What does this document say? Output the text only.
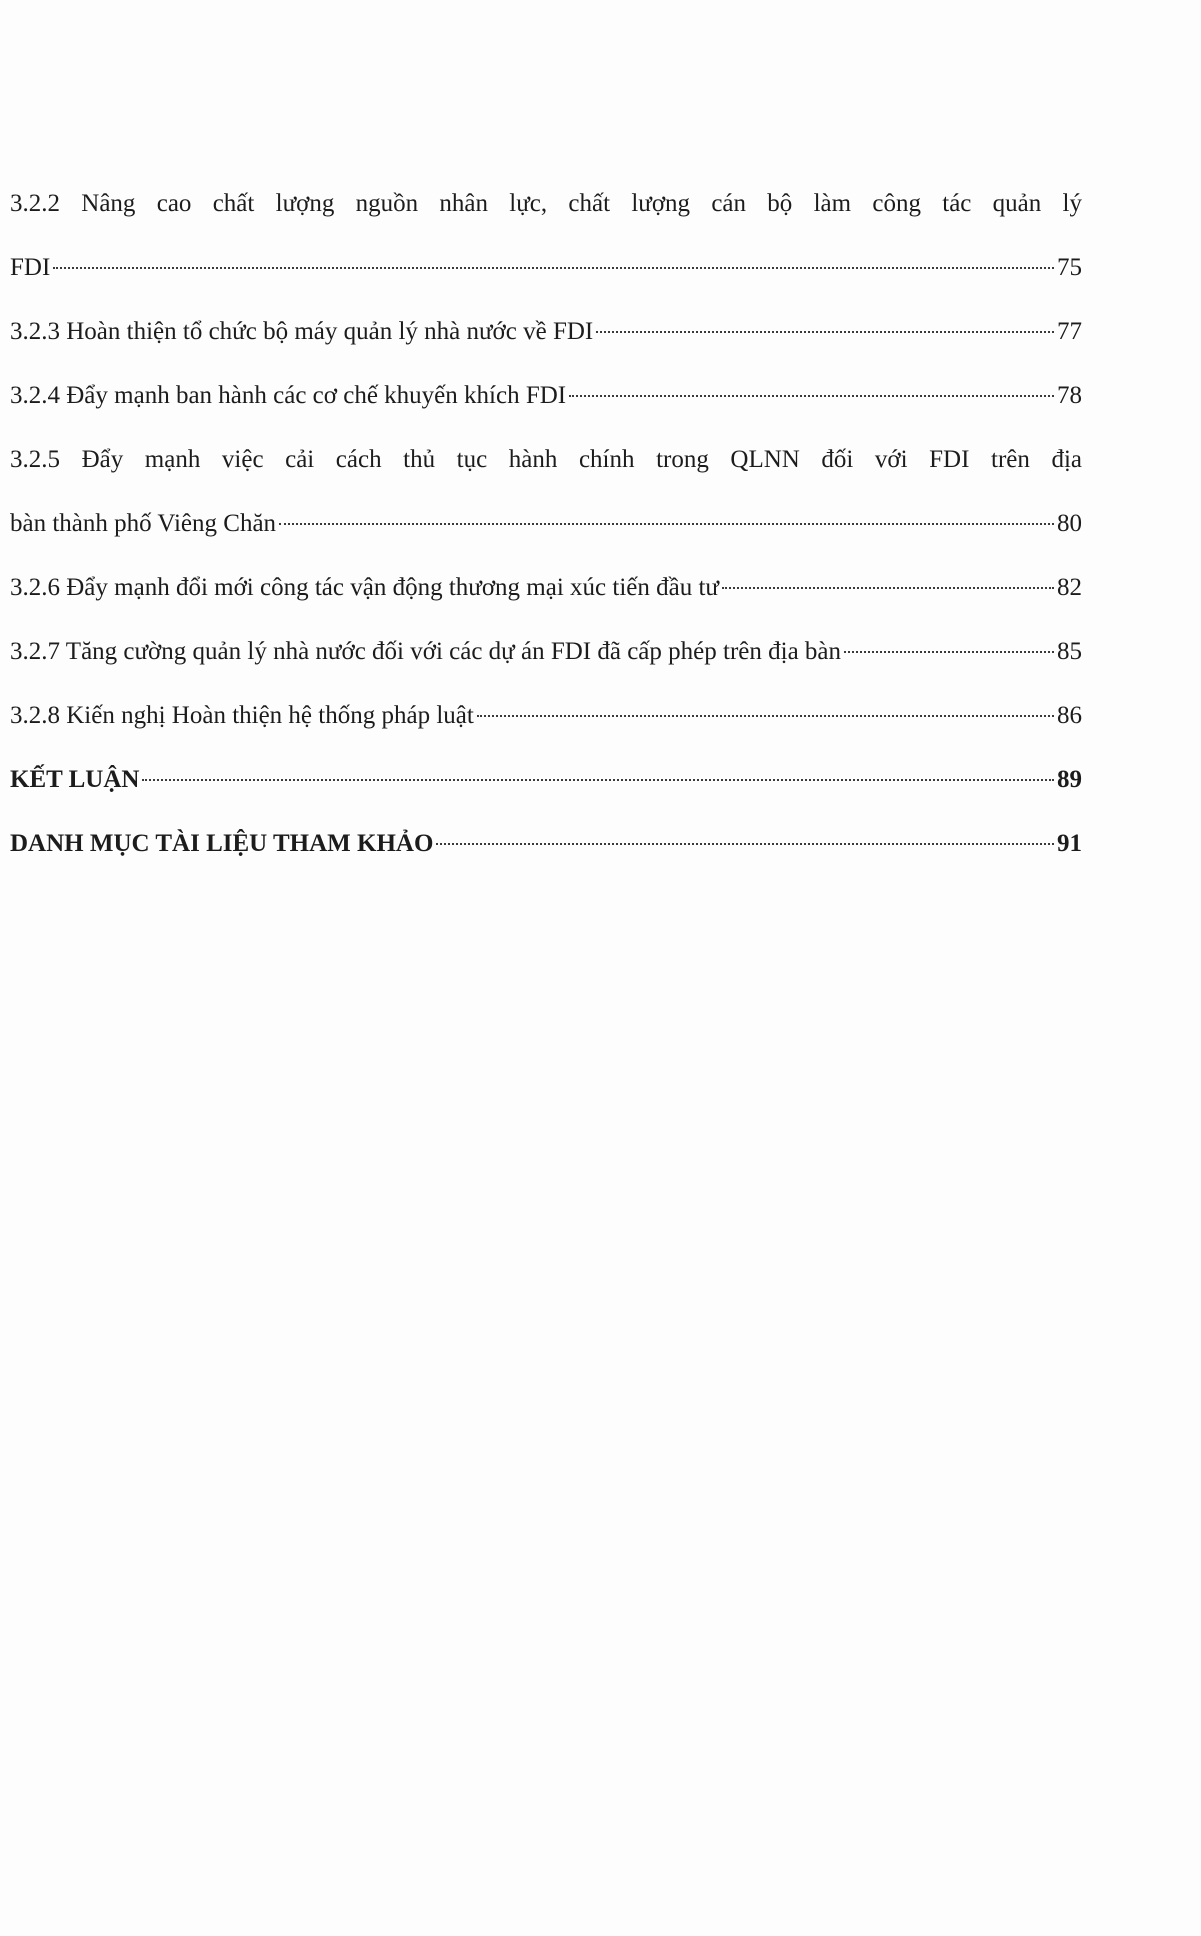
3.2.2 Nâng cao chất lượng nguồn nhân lực, chất lượng cán bộ làm công tác quản lý
FDI	75
3.2.3 Hoàn thiện tổ chức bộ máy quản lý nhà nước về FDI	77
3.2.4 Đẩy mạnh ban hành các cơ chế khuyến khích FDI	78
3.2.5 Đẩy mạnh việc cải cách thủ tục hành chính trong QLNN đối với FDI trên địa
bàn thành phố Viêng Chăn	80
3.2.6 Đẩy mạnh đổi mới công tác vận động thương mại xúc tiến đầu tư	82
3.2.7 Tăng cường quản lý nhà nước đối với các dự án FDI đã cấp phép trên địa bàn	85
3.2.8 Kiến nghị Hoàn thiện hệ thống pháp luật	86
KẾT LUẬN	89
DANH MỤC TÀI LIỆU THAM KHẢO	91
